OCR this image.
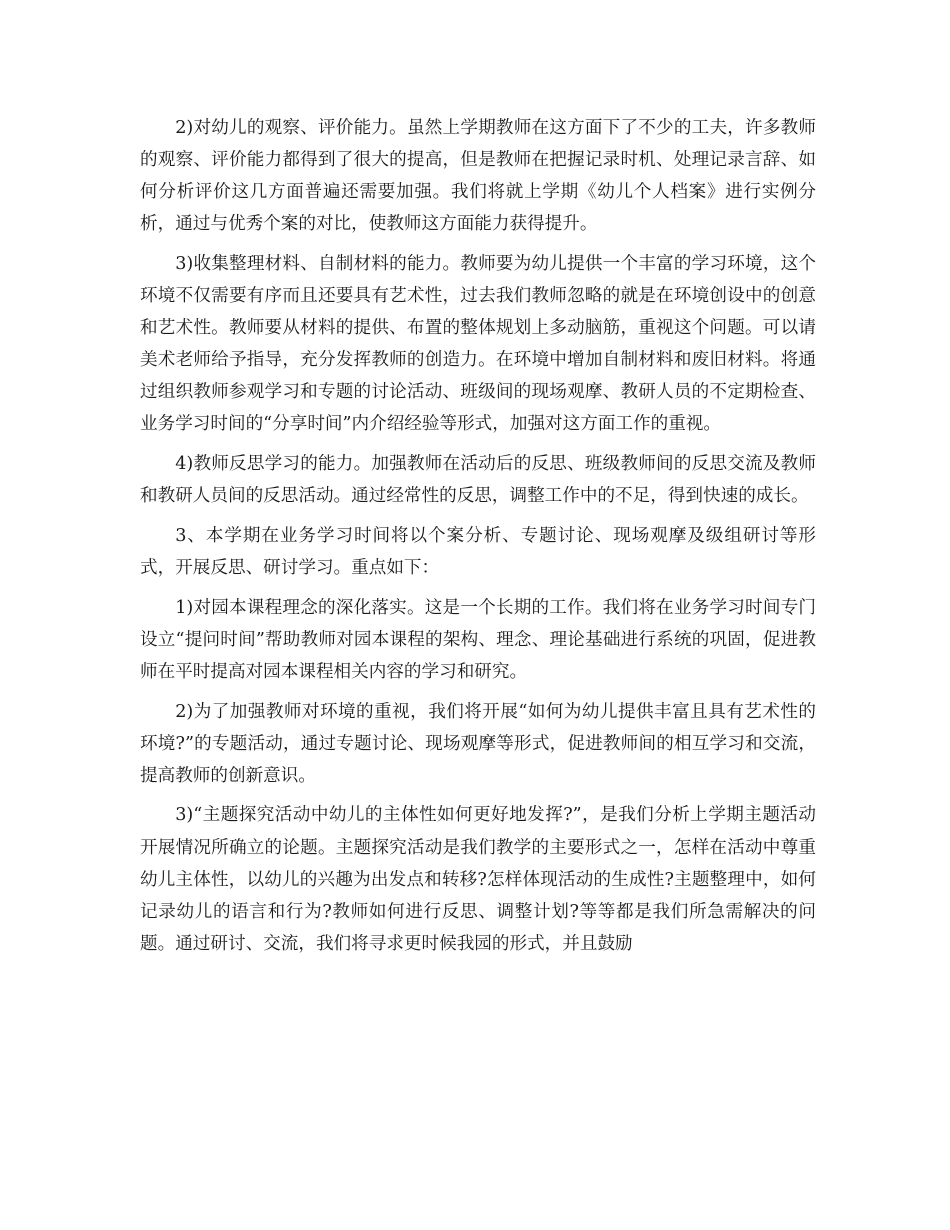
2)对幼儿的观察、评价能力。虽然上学期教师在这方面下了不少的工夫，许多教师的观察、评价能力都得到了很大的提高，但是教师在把握记录时机、处理记录言辞、如何分析评价这几方面普遍还需要加强。我们将就上学期《幼儿个人档案》进行实例分析，通过与优秀个案的对比，使教师这方面能力获得提升。

3)收集整理材料、自制材料的能力。教师要为幼儿提供一个丰富的学习环境，这个环境不仅需要有序而且还要具有艺术性，过去我们教师忽略的就是在环境创设中的创意和艺术性。教师要从材料的提供、布置的整体规划上多动脑筋，重视这个问题。可以请美术老师给予指导，充分发挥教师的创造力。在环境中增加自制材料和废旧材料。将通过组织教师参观学习和专题的讨论活动、班级间的现场观摩、教研人员的不定期检查、业务学习时间的“分享时间”内介绍经验等形式，加强对这方面工作的重视。

4)教师反思学习的能力。加强教师在活动后的反思、班级教师间的反思交流及教师和教研人员间的反思活动。通过经常性的反思，调整工作中的不足，得到快速的成长。

3、本学期在业务学习时间将以个案分析、专题讨论、现场观摩及级组研讨等形式，开展反思、研讨学习。重点如下：

1)对园本课程理念的深化落实。这是一个长期的工作。我们将在业务学习时间专门设立“提问时间”帮助教师对园本课程的架构、理念、理论基础进行系统的巩固，促进教师在平时提高对园本课程相关内容的学习和研究。

2)为了加强教师对环境的重视，我们将开展“如何为幼儿提供丰富且具有艺术性的环境?”的专题活动，通过专题讨论、现场观摩等形式，促进教师间的相互学习和交流，提高教师的创新意识。

3)“主题探究活动中幼儿的主体性如何更好地发挥?”，是我们分析上学期主题活动开展情况所确立的论题。主题探究活动是我们教学的主要形式之一，怎样在活动中尊重幼儿主体性，以幼儿的兴趣为出发点和转移?怎样体现活动的生成性?主题整理中，如何记录幼儿的语言和行为?教师如何进行反思、调整计划?等等都是我们所急需解决的问题。通过研讨、交流，我们将寻求更时候我园的形式，并且鼓励
